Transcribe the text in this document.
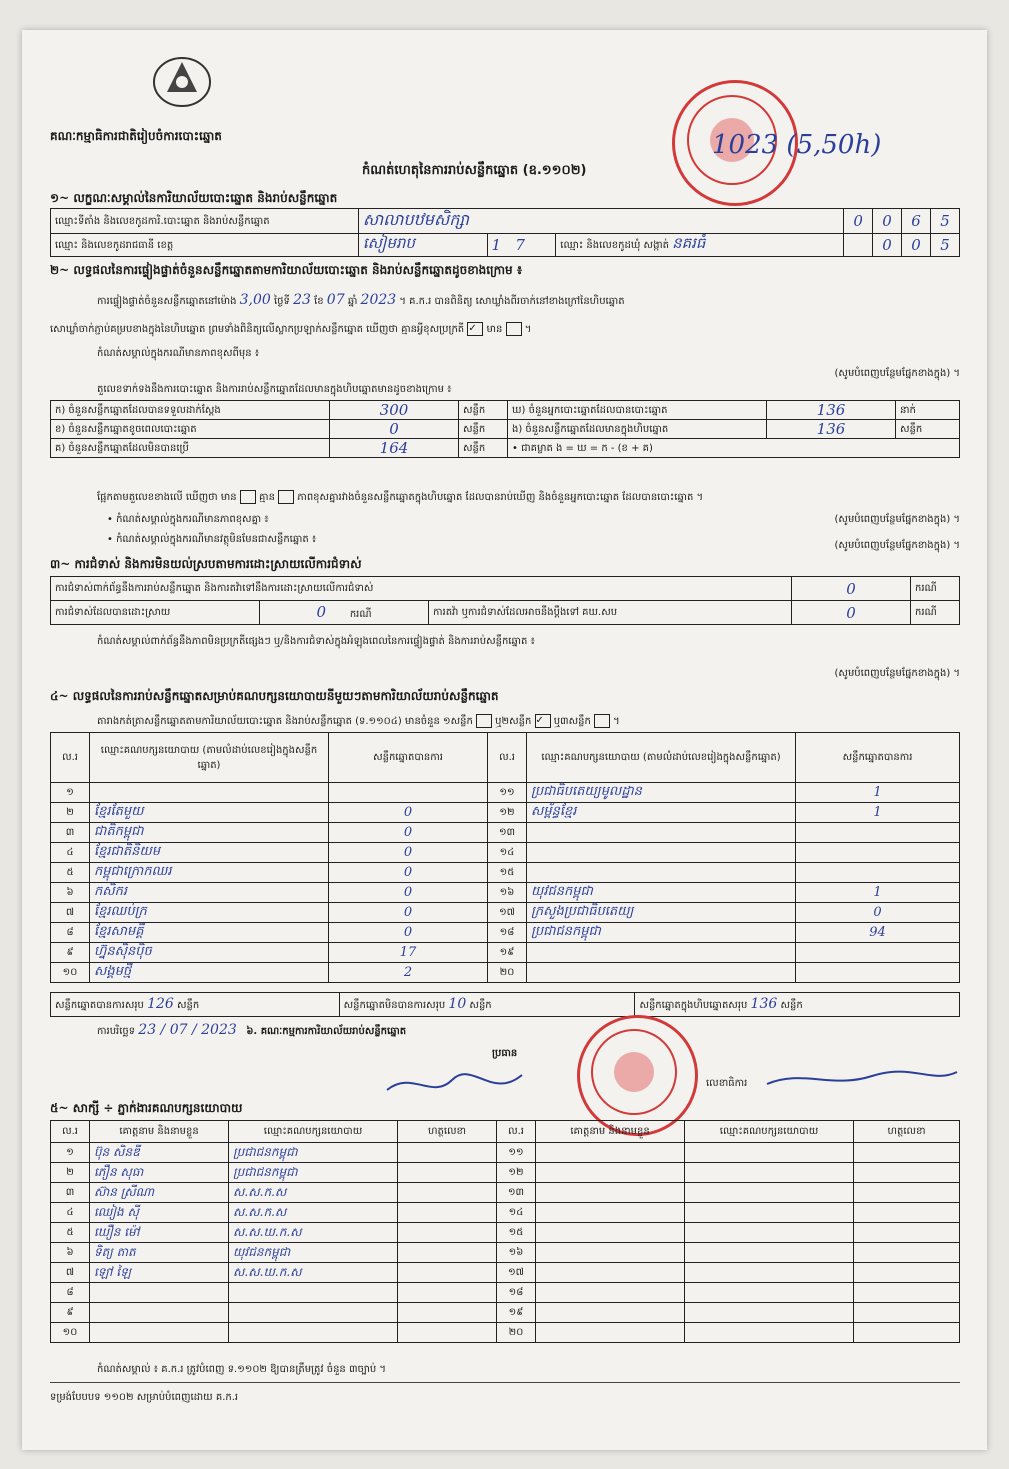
គណៈ​កម្មាធិការជាតិរៀបចំការបោះឆ្នោត
កំណត់ហេតុនៃការរាប់សន្លឹកឆ្នោត (ឧ.១១០២)
1023 (5,50h)
១~ លក្ខណៈសម្គាល់នៃការិយាល័យបោះឆ្នោត និងរាប់សន្លឹកឆ្នោត
ឈ្មោះទីតាំង និងលេខកូដការិ.បោះឆ្នោត និងរាប់សន្លឹកឆ្នោត	សាលាបឋមសិក្សា			0	0	6	5
ឈ្មោះ និងលេខកូដរាជធានី ខេត្ត	សៀមរាប	1 7	ឈ្មោះ និងលេខកូដឃុំ សង្កាត់ នគរធំ		0	0	5
២~ លទ្ធផលនៃការផ្ទៀងផ្ទាត់ចំនួនសន្លឹកឆ្នោតតាមការិយាល័យបោះឆ្នោត និងរាប់សន្លឹកឆ្នោតដូចខាងក្រោម ៖
ការផ្ទៀងផ្ទាត់ចំនួនសន្លឹកឆ្នោតនៅម៉ោង 3,00 ថ្ងៃទី 23 ខែ 07 ឆ្នាំ 2023 ។ គ.ក.រ បានពិនិត្យ សោឃ្លាំងពីរចាក់នៅខាងក្រៅនៃហិបឆ្នោត
សោឃ្លាំចាក់ភ្ជាប់គម្របខាងក្នុងនៃហិបឆ្នោត ព្រមទាំងពិនិត្យលើស្លាកប្រឡាក់សន្លឹកឆ្នោត ឃើញថា គ្មានអ្វីខុសប្រក្រតី ✓ មាន  ។
កំណត់សម្គាល់ក្នុងករណីមានភាពខុសពីមុន ៖
(សូមបំពេញបន្ថែមផ្នែកខាងក្នុង) ។
តួលេខទាក់ទងនឹងការបោះឆ្នោត និងការរាប់សន្លឹកឆ្នោតដែលមានក្នុងហិបឆ្នោតមានដូចខាងក្រោម ៖
ក) ចំនួនសន្លឹកឆ្នោតដែលបានទទួលដាក់ស្ដែង	300	សន្លឹក	ឃ) ចំនួនអ្នកបោះឆ្នោតដែលបានបោះឆ្នោត	136	នាក់
ខ) ចំនួនសន្លឹកឆ្នោតខូចពេលបោះឆ្នោត	0	សន្លឹក	ង) ចំនួនសន្លឹកឆ្នោតដែលមានក្នុងហិបឆ្នោត	136	សន្លឹក
គ) ចំនួនសន្លឹកឆ្នោតដែលមិនបានប្រើ	164	សន្លឹក	• ជាគម្លាត ង = ឃ = ក - (ខ + គ)		
ផ្អែកតាមតួលេខខាងលើ ឃើញថា មាន គ្មាន ភាពខុសគ្នារវាងចំនួនសន្លឹកឆ្នោតក្នុងហិបឆ្នោត ដែលបានរាប់ឃើញ និងចំនួនអ្នកបោះឆ្នោត ដែលបានបោះឆ្នោត ។
• កំណត់សម្គាល់ក្នុងករណីមានភាពខុសគ្នា ៖	(សូមបំពេញបន្ថែមផ្នែកខាងក្នុង) ។
• កំណត់សម្គាល់ក្នុងករណីមានវត្ថុមិនមែនជាសន្លឹកឆ្នោត ៖
(សូមបំពេញបន្ថែមផ្នែកខាងក្នុង) ។
៣~ ការជំទាស់ និងការមិនយល់ស្របតាមការដោះស្រាយលើការជំទាស់
ការជំទាស់ពាក់ព័ន្ធនឹងការរាប់សន្លឹកឆ្នោត និងការតវ៉ាទៅនឹងការដោះស្រាយលើការជំទាស់			0	ករណី
ការជំទាស់ដែលបានដោះស្រាយ	0 ករណី	ការតវ៉ា ឬការជំទាស់ដែលអាចនឹងប្ដឹងទៅ គឃ.សប	0	ករណី
កំណត់សម្គាល់ពាក់ព័ន្ធនឹងភាពមិនប្រក្រតីផ្សេងៗ ឬ/និងការជំទាស់ក្នុងអំឡុងពេលនៃការផ្ទៀងផ្ទាត់ និងការរាប់សន្លឹកឆ្នោត ៖
(សូមបំពេញបន្ថែមផ្នែកខាងក្នុង) ។
៤~ លទ្ធផលនៃការរាប់សន្លឹកឆ្នោតសម្រាប់គណបក្សនយោបាយនីមួយៗតាមការិយាល័យរាប់សន្លឹកឆ្នោត
តារាងកត់ត្រាសន្លឹកឆ្នោតតាមការិយាល័យបោះឆ្នោត និងរាប់សន្លឹកឆ្នោត (ទ.១១០៤) មានចំនួន ១សន្លឹក ឬ២សន្លឹក ✓ ឬ៣សន្លឹក  ។
ល.រ	ឈ្មោះគណបក្សនយោបាយ (តាមលំដាប់លេខរៀងក្នុងសន្លឹកឆ្នោត)	សន្លឹកឆ្នោតបានការ	ល.រ	ឈ្មោះគណបក្សនយោបាយ (តាមលំដាប់លេខរៀងក្នុងសន្លឹកឆ្នោត)	សន្លឹកឆ្នោតបានការ
១			១១	ប្រជាធិបតេយ្យមូលដ្ឋាន	1
២	ខ្មែរតែមួយ	0	១២	សម្ព័ន្ធខ្មែរ	1
៣	ជាតិកម្ពុជា	0	១៣		
៤	ខ្មែរជាតិនិយម	0	១៤		
៥	កម្ពុជាក្រោកឈរ	0	១៥		
៦	កសិករ	0	១៦	យុវជនកម្ពុជា	1
៧	ខ្មែរឈប់ក្រ	0	១៧	ក្រសួងប្រជាធិបតេយ្យ	0
៨	ខ្មែរសាមគ្គី	0	១៨	ប្រជាជនកម្ពុជា	94
៩	ហ្វ៊ុនស៊ិនប៉ិច	17	១៩		
១០	សង្គមថ្មី	2	២០		
សន្លឹកឆ្នោតបានការសរុប 126 សន្លឹក	សន្លឹកឆ្នោតមិនបានការសរុប 10 សន្លឹក	សន្លឹកឆ្នោតក្នុងហិបឆ្នោតសរុប 136 សន្លឹក
ការបរិច្ឆេទ 23 / 07 / 2023 ៦. គណៈកម្មការការិយាល័យរាប់សន្លឹកឆ្នោត
ប្រធាន
លេខាធិការ
៥~ សាក្សី ÷ ភ្នាក់ងារគណបក្សនយោបាយ
ល.រ	គោត្តនាម និងនាមខ្លួន	ឈ្មោះគណបក្សនយោបាយ	ហត្ថលេខា	ល.រ	គោត្តនាម និងនាមខ្លួន	ឈ្មោះគណបក្សនយោបាយ	ហត្ថលេខា
១	ប៊ុន សិនឌី	ប្រជាជនកម្ពុជា		១១			
២	ភឿន សុធា	ប្រជាជនកម្ពុជា		១២			
៣	ស៊ាន ស្រីណា	ស.ស.ក.ស		១៣			
៤	ឈៀង ស៊ី	ស.ស.ក.ស		១៤			
៥	ឃឿន ម៉ៅ	ស.ស.ឃ.ក.ស		១៥			
៦	ទិត្យ តាត	យុវជនកម្ពុជា		១៦			
៧	ឡៅ ឡៃ	ស.ស.ឃ.ក.ស		១៧			
៨				១៨			
៩				១៩			
១០				២០			
កំណត់សម្គាល់ ៖ គ.ក.រ ត្រូវបំពេញ ទ.១១០២ ឱ្យបានត្រឹមត្រូវ ចំនួន ៣ច្បាប់ ។
ទម្រង់បែបបទ ១១០២ សម្រាប់បំពេញដោយ គ.ក.រ
